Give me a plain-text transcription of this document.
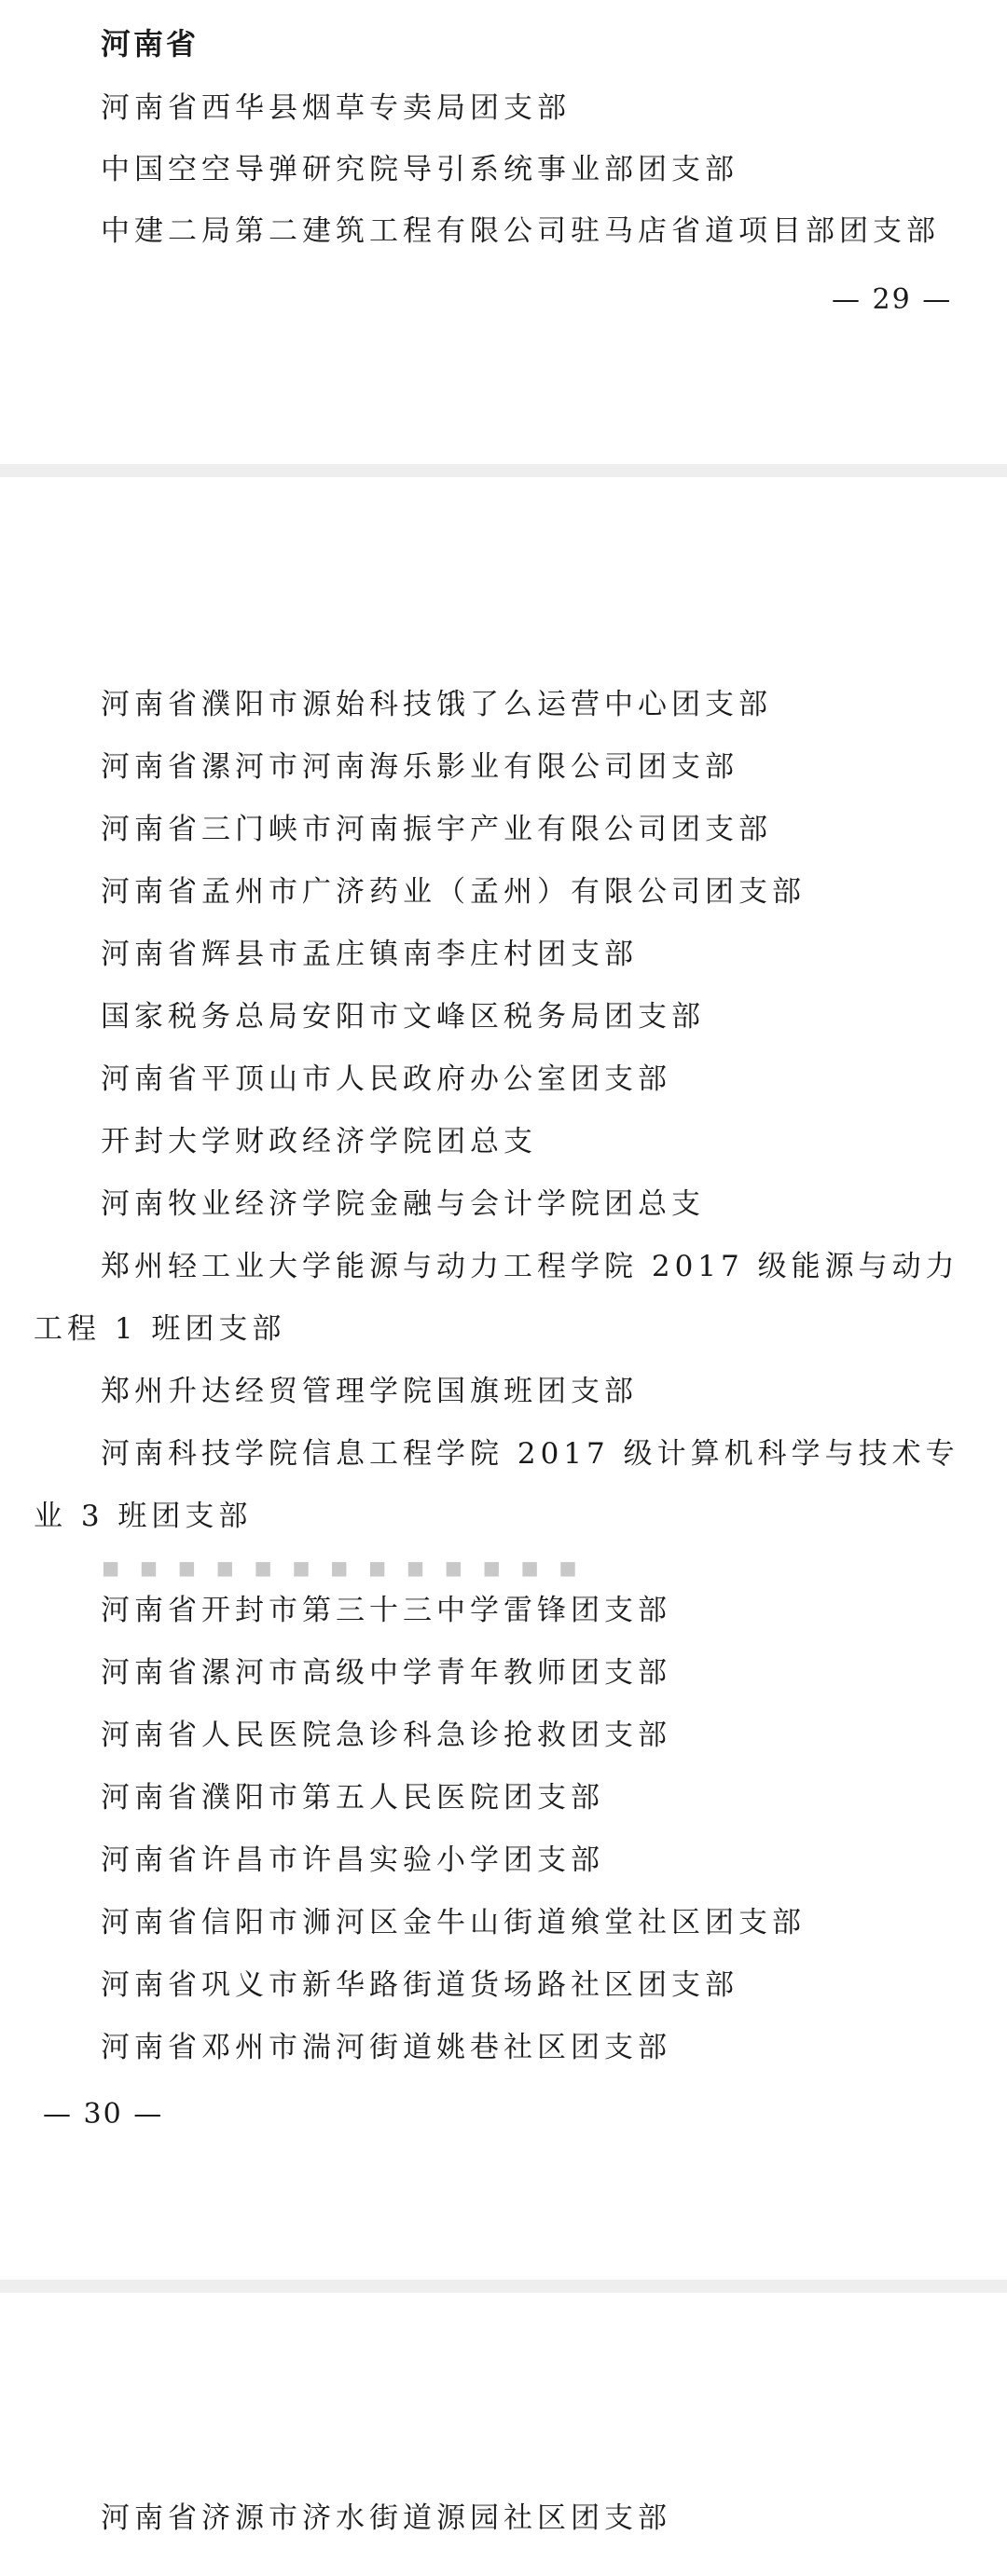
河南省
河南省西华县烟草专卖局团支部
中国空空导弹研究院导引系统事业部团支部
中建二局第二建筑工程有限公司驻马店省道项目部团支部
— 29 —
河南省濮阳市源始科技饿了么运营中心团支部
河南省漯河市河南海乐影业有限公司团支部
河南省三门峡市河南振宇产业有限公司团支部
河南省孟州市广济药业（孟州）有限公司团支部
河南省辉县市孟庄镇南李庄村团支部
国家税务总局安阳市文峰区税务局团支部
河南省平顶山市人民政府办公室团支部
开封大学财政经济学院团总支
河南牧业经济学院金融与会计学院团总支
郑州轻工业大学能源与动力工程学院 2017 级能源与动力工程 1 班团支部
郑州升达经贸管理学院国旗班团支部
河南科技学院信息工程学院 2017 级计算机科学与技术专业 3 班团支部
▪ ▪ ▪ ▪ ▪ ▪ ▪ ▪ ▪ ▪ ▪ ▪ ▪
河南省开封市第三十三中学雷锋团支部
河南省漯河市高级中学青年教师团支部
河南省人民医院急诊科急诊抢救团支部
河南省濮阳市第五人民医院团支部
河南省许昌市许昌实验小学团支部
河南省信阳市浉河区金牛山街道飨堂社区团支部
河南省巩义市新华路街道货场路社区团支部
河南省邓州市湍河街道姚巷社区团支部
— 30 —
河南省济源市济水街道源园社区团支部
